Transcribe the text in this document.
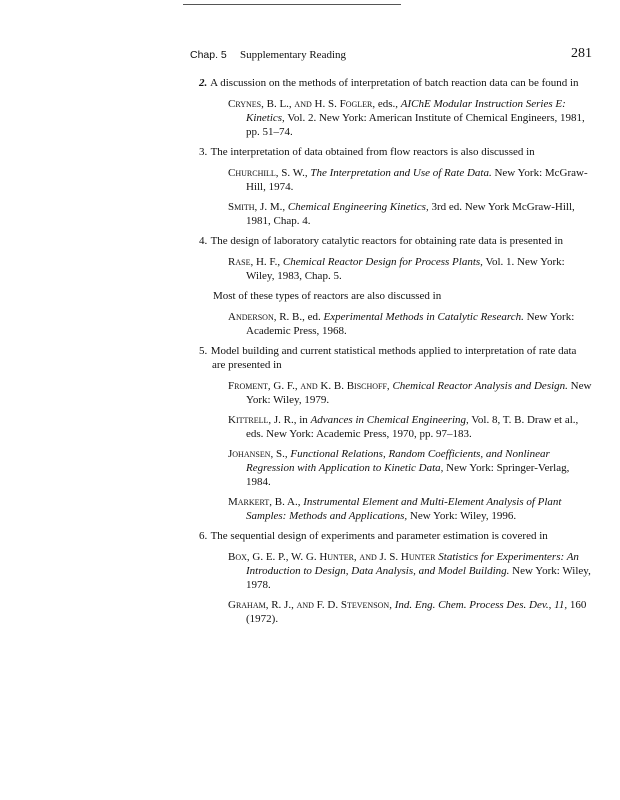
Chap. 5 Supplementary Reading	281

2. A discussion on the methods of interpretation of batch reaction data can be found in

Crynes, B. L., and H. S. Fogler, eds., AIChE Modular Instruction Series E: Kinetics, Vol. 2. New York: American Institute of Chemical Engineers, 1981, pp. 51–74.

3. The interpretation of data obtained from flow reactors is also discussed in

Churchill, S. W., The Interpretation and Use of Rate Data. New York: McGraw-Hill, 1974.

Smith, J. M., Chemical Engineering Kinetics, 3rd ed. New York McGraw-Hill, 1981, Chap. 4.

4. The design of laboratory catalytic reactors for obtaining rate data is presented in

Rase, H. F., Chemical Reactor Design for Process Plants, Vol. 1. New York: Wiley, 1983, Chap. 5.

Most of these types of reactors are also discussed in

Anderson, R. B., ed. Experimental Methods in Catalytic Research. New York: Academic Press, 1968.

5. Model building and current statistical methods applied to interpretation of rate data are presented in

Froment, G. F., and K. B. Bischoff, Chemical Reactor Analysis and Design. New York: Wiley, 1979.

Kittrell, J. R., in Advances in Chemical Engineering, Vol. 8, T. B. Draw et al., eds. New York: Academic Press, 1970, pp. 97–183.

Johansen, S., Functional Relations, Random Coefficients, and Nonlinear Regression with Application to Kinetic Data, New York: Springer-Verlag, 1984.

Markert, B. A., Instrumental Element and Multi-Element Analysis of Plant Samples: Methods and Applications, New York: Wiley, 1996.

6. The sequential design of experiments and parameter estimation is covered in

Box, G. E. P., W. G. Hunter, and J. S. Hunter Statistics for Experimenters: An Introduction to Design, Data Analysis, and Model Building. New York: Wiley, 1978.

Graham, R. J., and F. D. Stevenson, Ind. Eng. Chem. Process Des. Dev., 11, 160 (1972).
